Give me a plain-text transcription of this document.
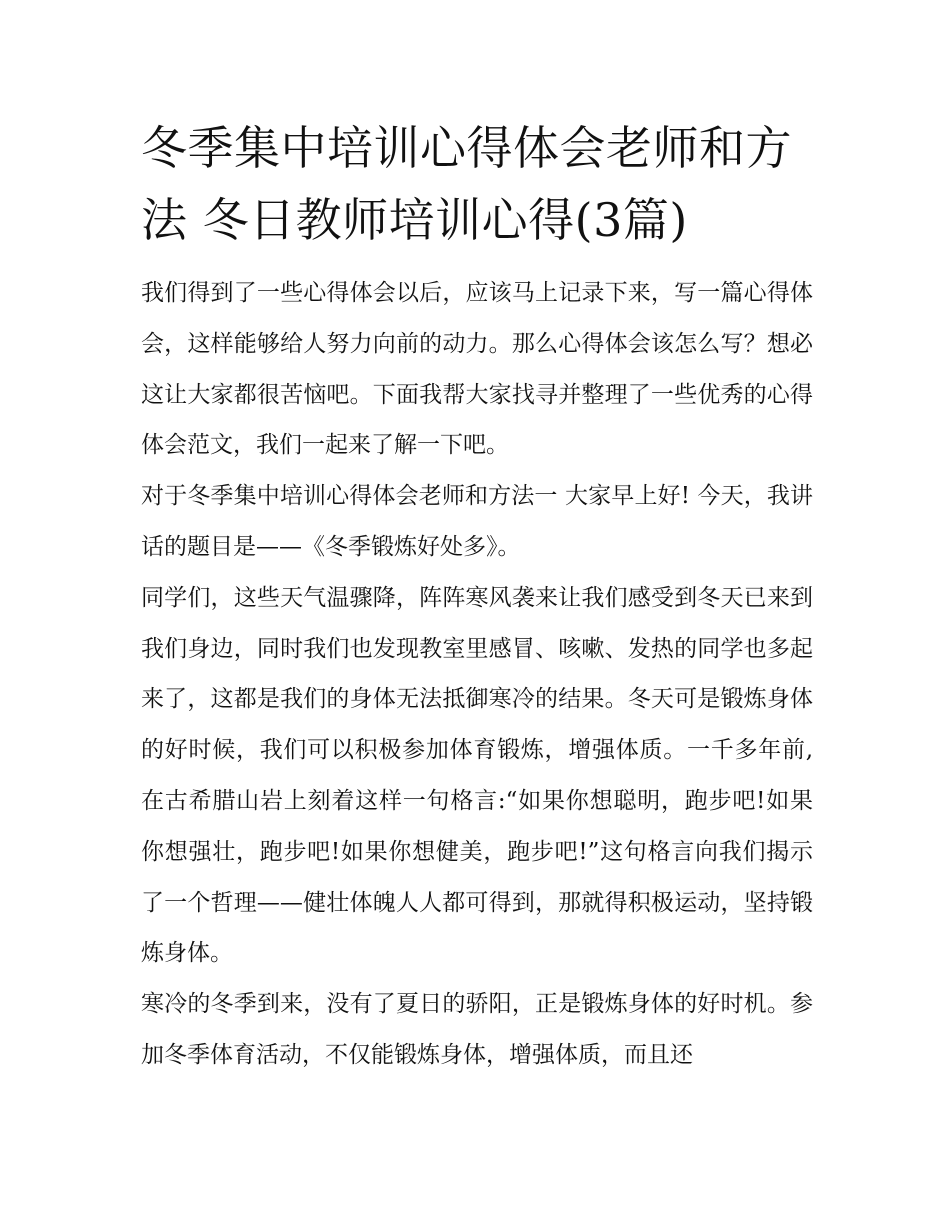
冬季集中培训心得体会老师和方法 冬日教师培训心得(3篇)

我们得到了一些心得体会以后，应该马上记录下来，写一篇心得体会，这样能够给人努力向前的动力。那么心得体会该怎么写？想必这让大家都很苦恼吧。下面我帮大家找寻并整理了一些优秀的心得体会范文，我们一起来了解一下吧。

对于冬季集中培训心得体会老师和方法一 大家早上好! 今天，我讲话的题目是——《冬季锻炼好处多》。

同学们，这些天气温骤降，阵阵寒风袭来让我们感受到冬天已来到我们身边，同时我们也发现教室里感冒、咳嗽、发热的同学也多起来了，这都是我们的身体无法抵御寒冷的结果。冬天可是锻炼身体的好时候，我们可以积极参加体育锻炼，增强体质。一千多年前,在古希腊山岩上刻着这样一句格言:“如果你想聪明，跑步吧!如果你想强壮，跑步吧!如果你想健美，跑步吧!”这句格言向我们揭示了一个哲理——健壮体魄人人都可得到，那就得积极运动，坚持锻炼身体。

寒冷的冬季到来，没有了夏日的骄阳，正是锻炼身体的好时机。参加冬季体育活动，不仅能锻炼身体，增强体质，而且还
